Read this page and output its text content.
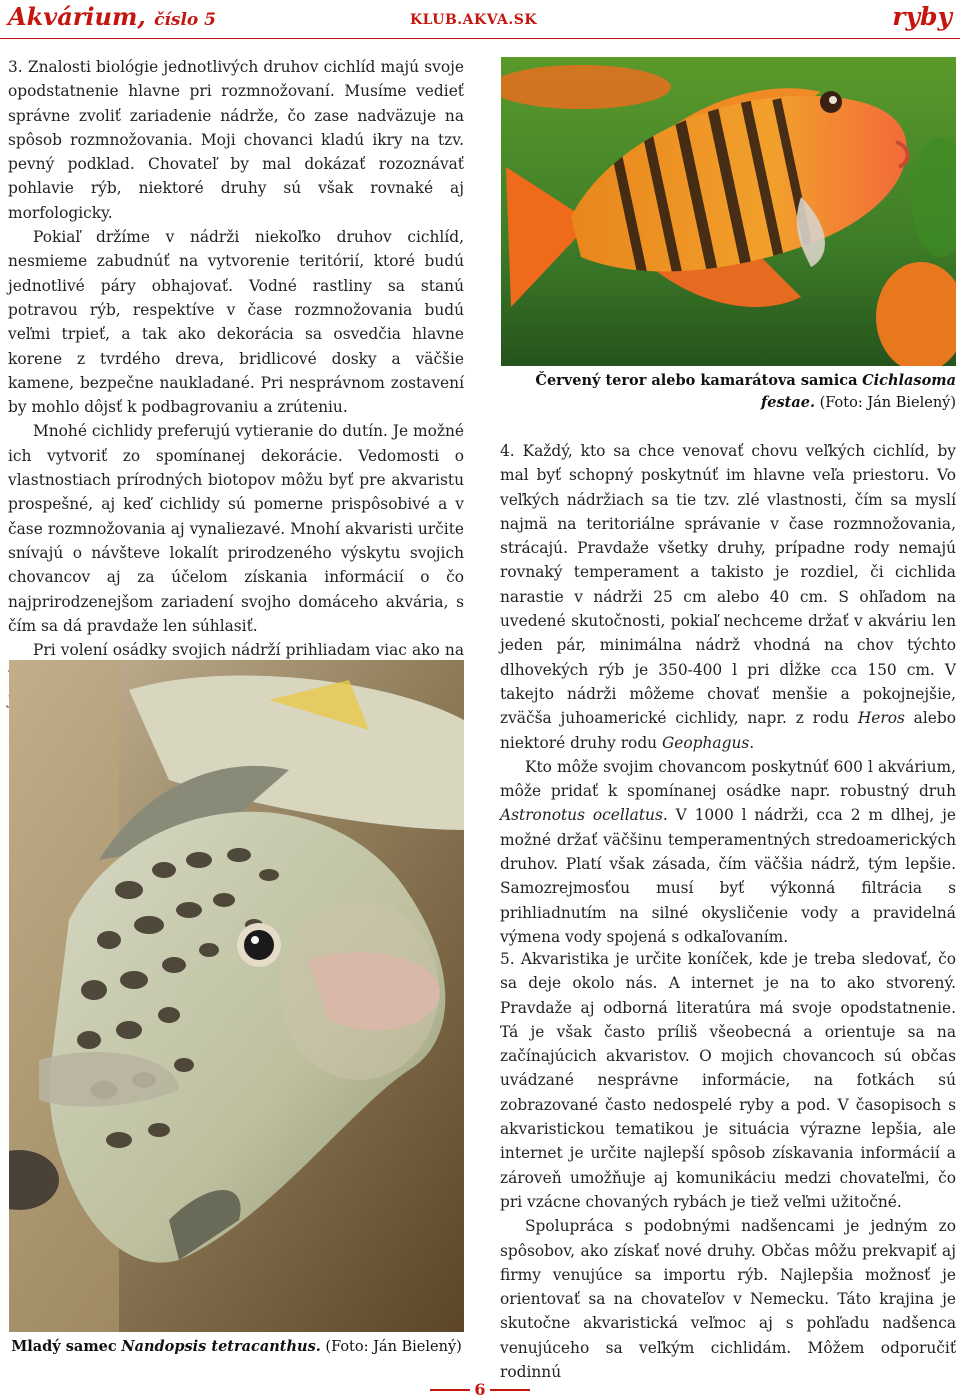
Akvárium, číslo 5	KLUB.AKVA.SK	ryby

3. Znalosti biológie jednotlivých druhov cichlíd majú svoje opodstatnenie hlavne pri rozmnožovaní. Musíme vedieť správne zvoliť zariadenie nádrže, čo zase nadväzuje na spôsob rozmnožovania. Moji chovanci kladú ikry na tzv. pevný podklad. Chovateľ by mal dokázať rozoznávať pohlavie rýb, niektoré druhy sú však rovnaké aj morfologicky.

Pokiaľ držíme v nádrži niekoľko druhov cichlíd, nesmieme zabudnúť na vytvorenie teritórií, ktoré budú jednotlivé páry obhajovať. Vodné rastliny sa stanú potravou rýb, respektíve v čase rozmnožovania budú veľmi trpieť, a tak ako dekorácia sa osvedčia hlavne korene z tvrdého dreva, bridlicové dosky a väčšie kamene, bezpečne naukladané. Pri nesprávnom zostavení by mohlo dôjsť k podbagrovaniu a zrúteniu.

Mnohé cichlidy preferujú vytieranie do dutín. Je možné ich vytvoriť zo spomínanej dekorácie. Vedomosti o vlastnostiach prírodných biotopov môžu byť pre akvaristu prospešné, aj keď cichlidy sú pomerne prispôsobivé a v čase rozmnožovania aj vynaliezavé. Mnohí akvaristi určite snívajú o návšteve lokalít prirodzeného výskytu svojich chovancov aj za účelom získania informácií o čo najprirodzenejšom zariadení svojho domáceho akvária, s čím sa dá pravdaže len súhlasiť.

Pri volení osádky svojich nádrží prihliadam viac ako na

Červený teror alebo kamarátova samica Cichlasoma
festae. (Foto: Ján Bielený)

4. Každý, kto sa chce venovať chovu veľkých cichlíd, by mal byť schopný poskytnúť im hlavne veľa priestoru. Vo veľkých nádržiach sa tie tzv. zlé vlastnosti, čím sa myslí najmä na teritoriálne správanie v čase rozmnožovania, strácajú. Pravdaže všetky druhy, prípadne rody nemajú rovnaký temperament a takisto je rozdiel, či cichlida narastie v nádrži 25 cm alebo 40 cm. S ohľadom na uvedené skutočnosti, pokiaľ nechceme držať v akváriu len jeden pár, minimálna nádrž vhodná na chov týchto dlhovekých rýb je 350-400 l pri dĺžke cca 150 cm. V takejto nádrži môžeme chovať menšie a pokojnejšie, zväčša juhoamerické cichlidy, napr. z rodu Heros alebo niektoré druhy rodu Geophagus.

Kto môže svojim chovancom poskytnúť 600 l akvárium, môže pridať k spomínanej osádke napr. robustný druh Astronotus ocellatus. V 1000 l nádrži, cca 2 m dlhej, je možné držať väčšinu temperamentných stredoamerických druhov. Platí však zásada, čím väčšia nádrž, tým lepšie. Samozrejmosťou musí byť výkonná filtrácia s prihliadnutím na silné okysličenie vody a pravidelná výmena vody spojená s odkaľovaním.

Mladý samec Nandopsis tetracanthus. (Foto: Ján Bielený)

5. Akvaristika je určite koníček, kde je treba sledovať, čo sa deje okolo nás. A internet je na to ako stvorený. Pravdaže aj odborná literatúra má svoje opodstatnenie. Tá je však často príliš všeobecná a orientuje sa na začínajúcich akvaristov. O mojich chovancoch sú občas uvádzané nesprávne informácie, na fotkách sú zobrazované často nedospelé ryby a pod. V časopisoch s akvaristickou tematikou je situácia výrazne lepšia, ale internet je určite najlepší spôsob získavania informácií a zároveň umožňuje aj komunikáciu medzi chovateľmi, čo pri vzácne chovaných rybách je tiež veľmi užitočné.

Spolupráca s podobnými nadšencami je jedným zo spôsobov, ako získať nové druhy. Občas môžu prekvapiť aj firmy venujúce sa importu rýb. Najlepšia možnosť je orientovať sa na chovateľov v Nemecku. Táto krajina je skutočne akvaristická veľmoc aj s pohľadu nadšenca venujúceho sa veľkým cichlidám. Môžem odporučiť rodinnú

6
